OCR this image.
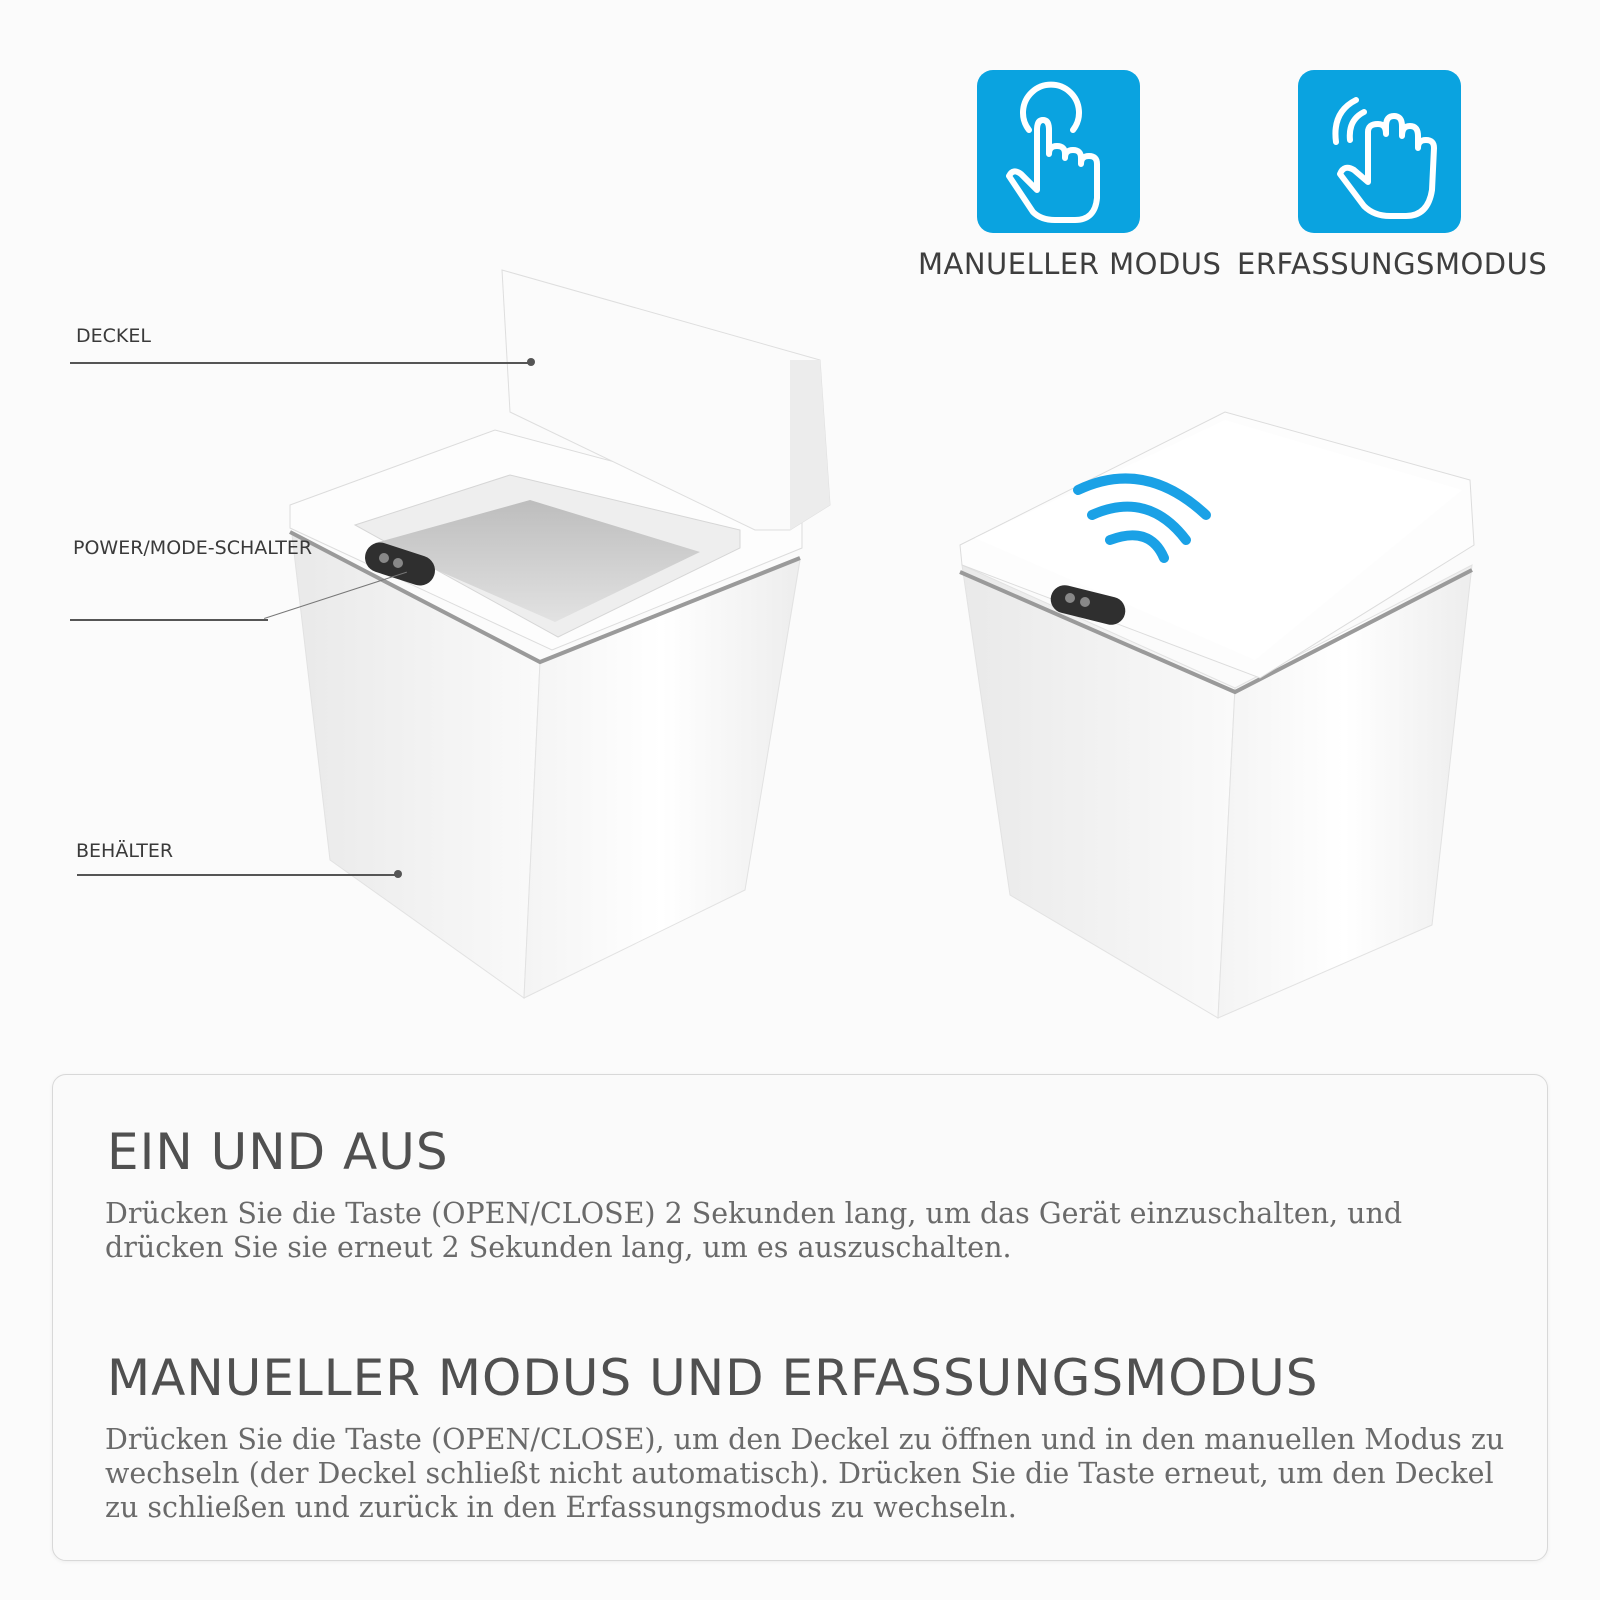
MANUELLER MODUS ERFASSUNGSMODUS
DECKEL
POWER/MODE-SCHALTER
BEHÄLTER
EIN UND AUS
Drücken Sie die Taste (OPEN/CLOSE) 2 Sekunden lang, um das Gerät einzuschalten, und drücken Sie sie erneut 2 Sekunden lang, um es auszuschalten.
MANUELLER MODUS UND ERFASSUNGSMODUS
Drücken Sie die Taste (OPEN/CLOSE), um den Deckel zu öffnen und in den manuellen Modus zu wechseln (der Deckel schließt nicht automatisch). Drücken Sie die Taste erneut, um den Deckel zu schließen und zurück in den Erfassungsmodus zu wechseln.
